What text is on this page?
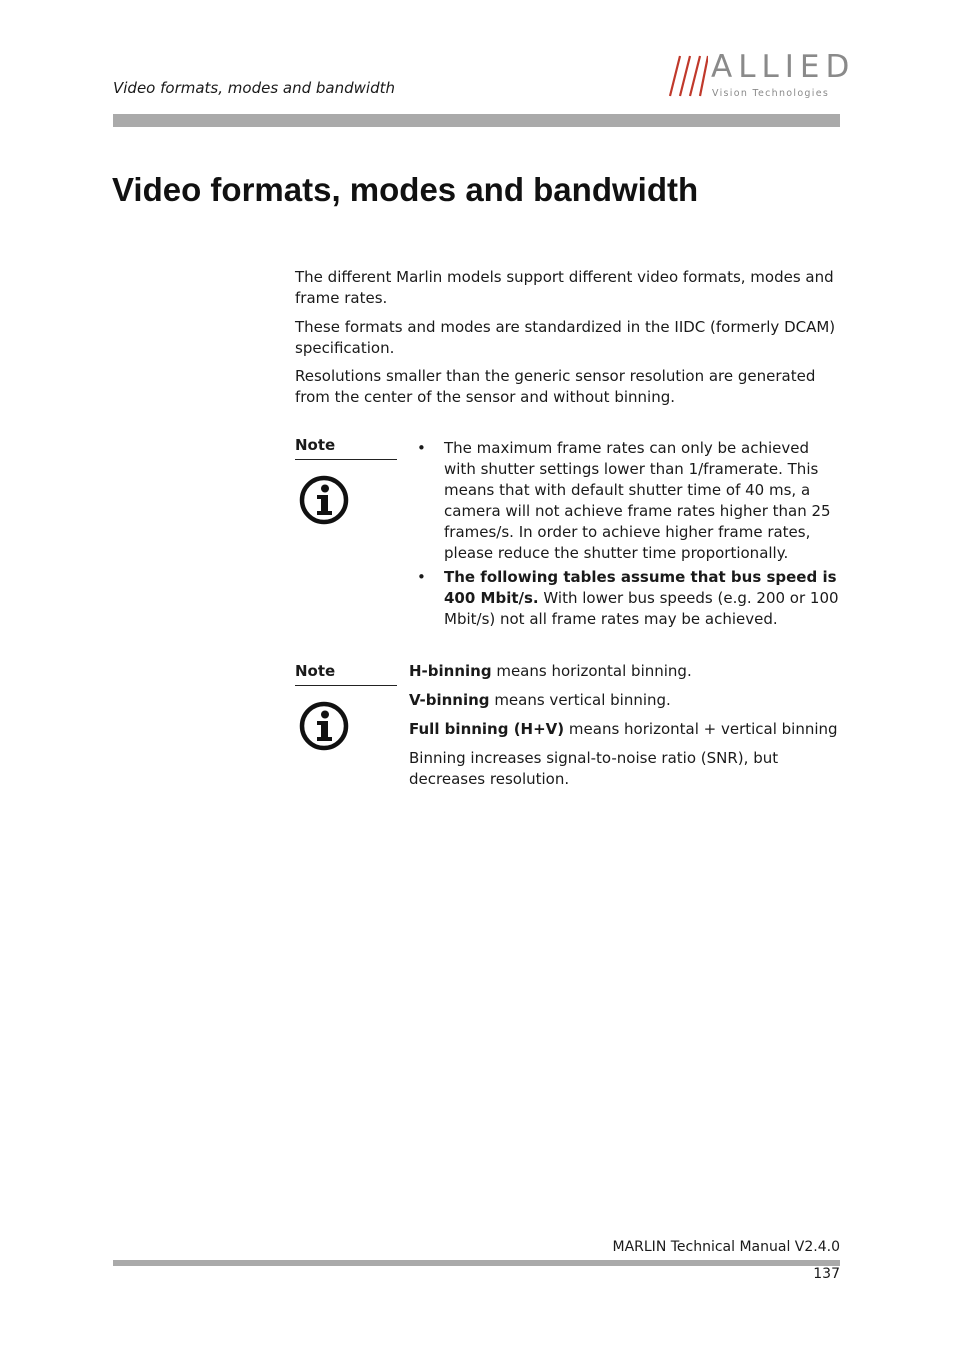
Video formats, modes and bandwidth
ALLIED
Vision Technologies
Video formats, modes and bandwidth

The different Marlin models support different video formats, modes and frame rates.

These formats and modes are standardized in the IIDC (formerly DCAM) specification.

Resolutions smaller than the generic sensor resolution are generated from the center of the sensor and without binning.

Note	• The maximum frame rates can only be achieved with shutter settings lower than 1/framerate. This means that with default shutter time of 40 ms, a camera will not achieve frame rates higher than 25 frames/s. In order to achieve higher frame rates, please reduce the shutter time proportionally.
• The following tables assume that bus speed is 400 Mbit/s. With lower bus speeds (e.g. 200 or 100 Mbit/s) not all frame rates may be achieved.
Note	H-binning means horizontal binning.

V-binning means vertical binning.

Full binning (H+V) means horizontal + vertical binning

Binning increases signal-to-noise ratio (SNR), but decreases resolution.

MARLIN Technical Manual V2.4.0
137
